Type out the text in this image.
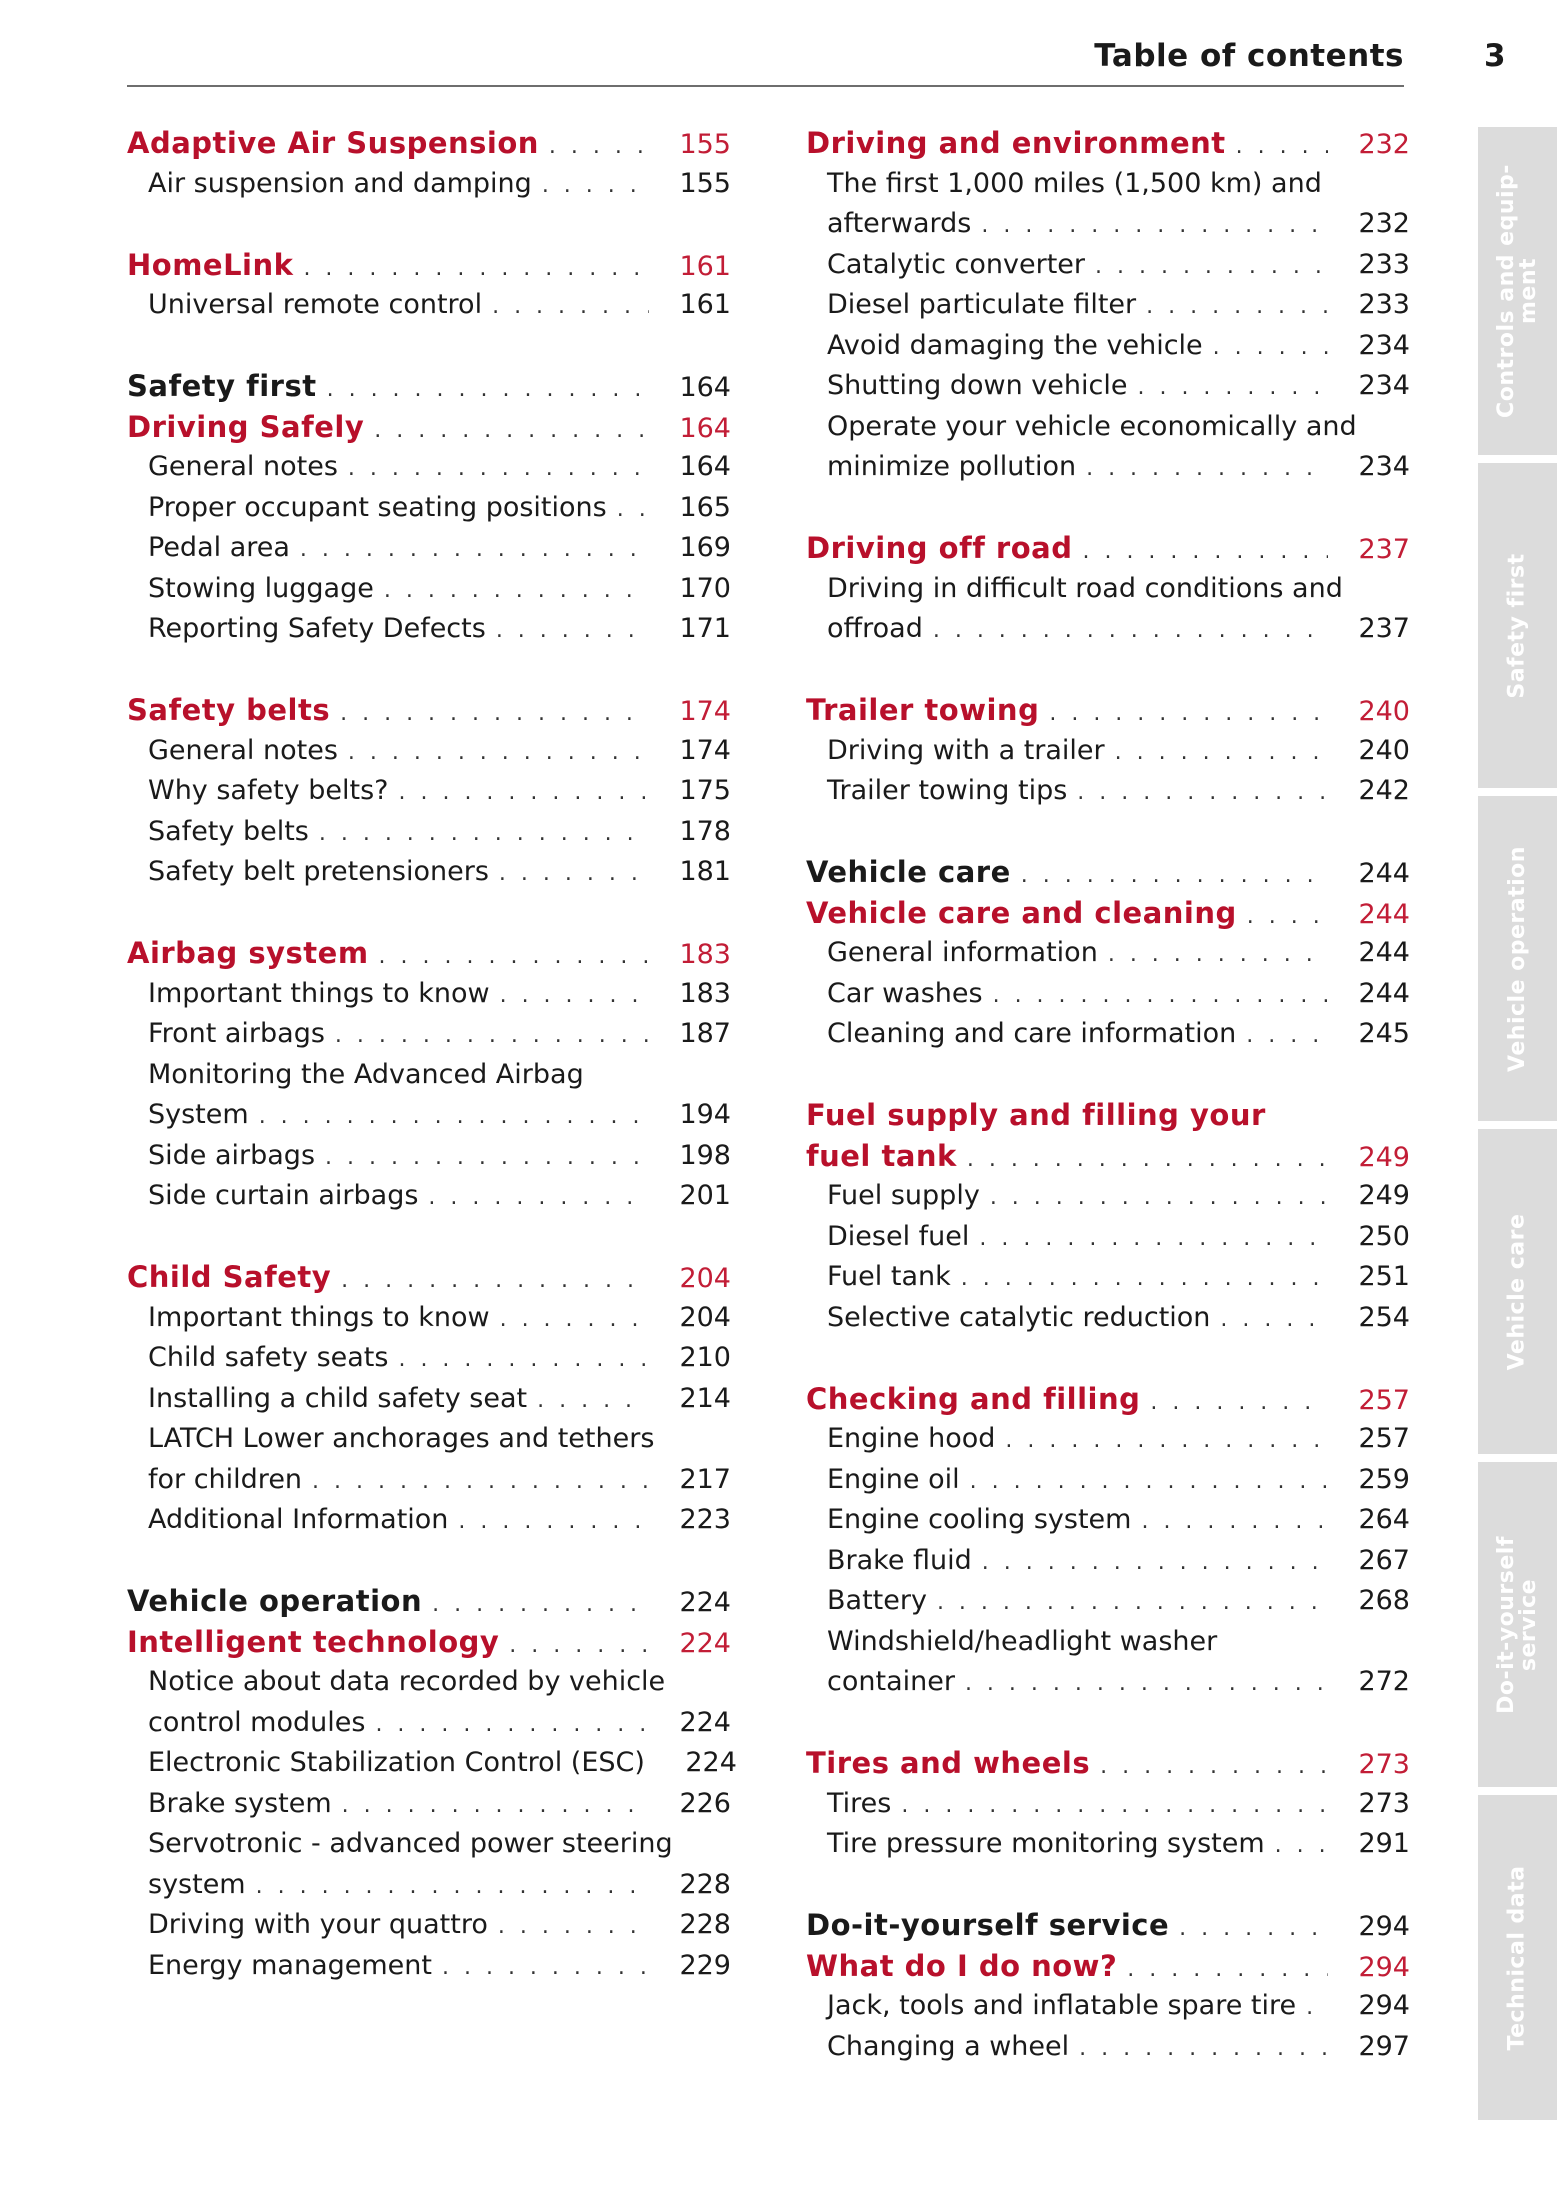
Table of contents	3
Adaptive Air Suspension . . .	155
Air suspension and damping . . .	155
HomeLink . . .	161
Universal remote control . . .	161
Safety first . . .	164
Driving Safely . . .	164
General notes . . .	164
Proper occupant seating positions . . .	165
Pedal area . . .	169
Stowing luggage . . .	170
Reporting Safety Defects . . .	171
Safety belts . . .	174
General notes . . .	174
Why safety belts? . . .	175
Safety belts . . .	178
Safety belt pretensioners . . .	181
Airbag system . . .	183
Important things to know . . .	183
Front airbags . . .	187
Monitoring the Advanced Airbag
System . . .	194
Side airbags . . .	198
Side curtain airbags . . .	201
Child Safety . . .	204
Important things to know . . .	204
Child safety seats . . .	210
Installing a child safety seat . . .	214
LATCH Lower anchorages and tethers
for children . . .	217
Additional Information . . .	223
Vehicle operation . . .	224
Intelligent technology . . .	224
Notice about data recorded by vehicle
control modules . . .	224
Electronic Stabilization Control (ESC)	224
Brake system . . .	226
Servotronic - advanced power steering
system . . .	228
Driving with your quattro . . .	228
Energy management . . .	229
Driving and environment . . .	232
The first 1,000 miles (1,500 km) and
afterwards . . .	232
Catalytic converter . . .	233
Diesel particulate filter . . .	233
Avoid damaging the vehicle . . .	234
Shutting down vehicle . . .	234
Operate your vehicle economically and
minimize pollution . . .	234
Driving off road . . .	237
Driving in difficult road conditions and
offroad . . .	237
Trailer towing . . .	240
Driving with a trailer . . .	240
Trailer towing tips . . .	242
Vehicle care . . .	244
Vehicle care and cleaning . . .	244
General information . . .	244
Car washes . . .	244
Cleaning and care information . . .	245
Fuel supply and filling your
fuel tank . . .	249
Fuel supply . . .	249
Diesel fuel . . .	250
Fuel tank . . .	251
Selective catalytic reduction . . .	254
Checking and filling . . .	257
Engine hood . . .	257
Engine oil . . .	259
Engine cooling system . . .	264
Brake fluid . . .	267
Battery . . .	268
Windshield/headlight washer
container . . .	272
Tires and wheels . . .	273
Tires . . .	273
Tire pressure monitoring system . . .	291
Do-it-yourself service . . .	294
What do I do now? . . .	294
Jack, tools and inflatable spare tire . . .	294
Changing a wheel . . .	297
Controls and equip-
ment
Safety first
Vehicle operation
Vehicle care
Do-it-yourself
service
Technical data
